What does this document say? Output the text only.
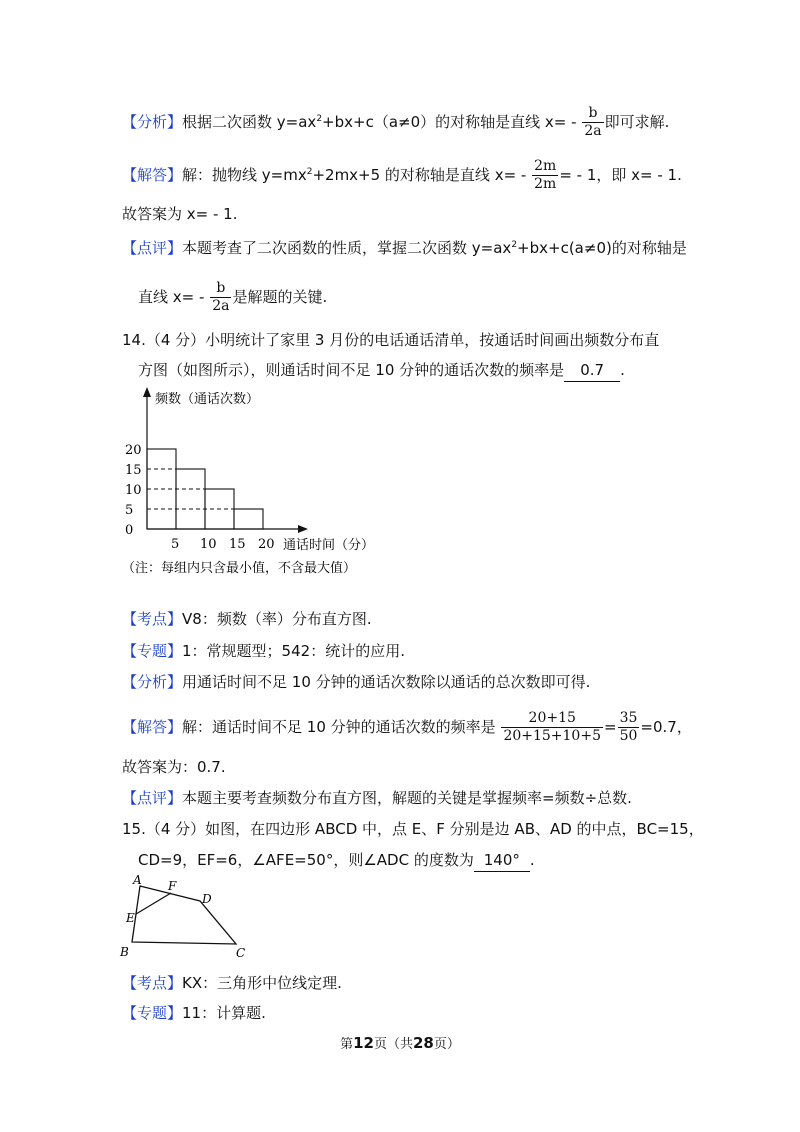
【分析】根据二次函数 $y=ax^2+bx+c(a\ne 0)$的对称轴是直线 $x= - \frac{b}{2a}$ 即可求解.
【解答】解：抛物线 $y=mx^2+2mx+5$ 的对称轴是直线 $x= - \frac{2m}{2m}$ = - 1，即 x= - 1.
故答案为 x= - 1.
【点评】本题考查了二次函数的性质，掌握二次函数 $y=ax^2+bx+c(a\ne 0)$的对称轴是
直线 $x= - \frac{b}{2a}$ 是解题的关键.
14.（4 分）小明统计了家里 3 月份的电话通话清单，按通话时间画出频数分布直
方图（如图所示），则通话时间不足 10 分钟的通话次数的频率是 0.7 .
0
5
10
15
20
5 10 15 20
频数（通话次数）
通话时间（分）
（注：每组内只含最小值，不含最大值）
【考点】V8：频数（率）分布直方图.
【专题】1：常规题型；542：统计的应用.
【分析】用通话时间不足 10 分钟的通话次数除以通话的总次数即可得.
【解答】解：通话时间不足 10 分钟的通话次数的频率是 $\frac{20+15}{20+15+10+5} = \frac{35}{50} =0.7$，
故答案为：0.7.
【点评】本题主要考查频数分布直方图，解题的关键是掌握频率=频数÷总数.
15.（4 分）如图，在四边形 ABCD 中，点 E、F 分别是边 AB、AD 的中点，BC=15，
CD=9，EF=6，∠AFE=50°，则∠ADC 的度数为 140° .
A F
D
E
B	C
【考点】KX：三角形中位线定理.
【专题】11：计算题.
第12页（共28页）
